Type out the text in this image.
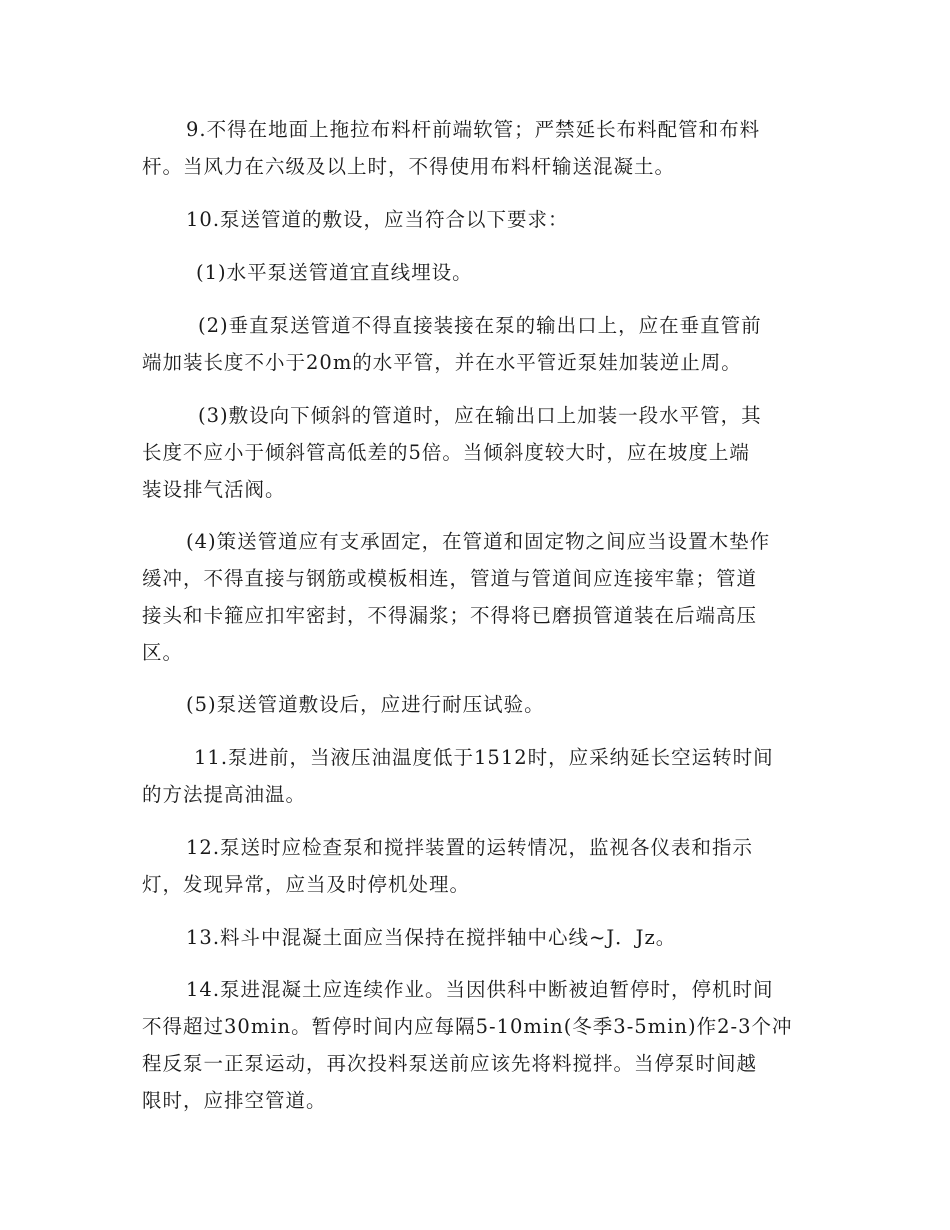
9.不得在地面上拖拉布料杆前端软管；严禁延长布料配管和布料
杆。当风力在六级及以上时，不得使用布料杆输送混凝土。
10.泵送管道的敷设，应当符合以下要求：
(1)水平泵送管道宜直线埋设。
(2)垂直泵送管道不得直接装接在泵的输出口上，应在垂直管前
端加装长度不小于20m的水平管，并在水平管近泵娃加装逆止周。
(3)敷设向下倾斜的管道时，应在输出口上加装一段水平管，其
长度不应小于倾斜管高低差的5倍。当倾斜度较大时，应在坡度上端
装设排气活阀。
(4)策送管道应有支承固定，在管道和固定物之间应当设置木垫作
缓冲，不得直接与钢筋或模板相连，管道与管道间应连接牢靠；管道
接头和卡箍应扣牢密封，不得漏浆；不得将已磨损管道装在后端高压
区。
(5)泵送管道敷设后，应进行耐压试验。
11.泵进前，当液压油温度低于1512时，应采纳延长空运转时间
的方法提高油温。
12.泵送时应检查泵和搅拌装置的运转情况，监视各仪表和指示
灯，发现异常，应当及时停机处理。
13.料斗中混凝土面应当保持在搅拌轴中心线~J．Jz。
14.泵进混凝土应连续作业。当因供科中断被迫暂停时，停机时间
不得超过30min。暂停时间内应每隔5-10min(冬季3-5min)作2-3个冲
程反泵一正泵运动，再次投料泵送前应该先将料搅拌。当停泵时间越
限时，应排空管道。
